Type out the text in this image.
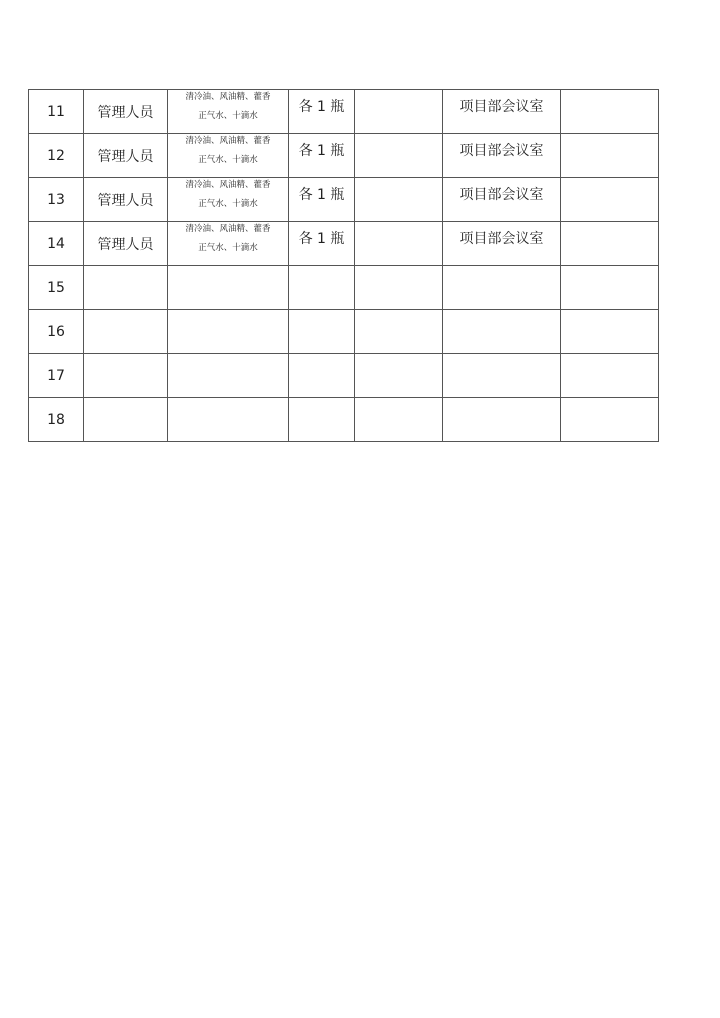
11	管理人员	清冷油、风油精、藿香
正气水、十滴水	各 1 瓶		项目部会议室	
12	管理人员	清冷油、风油精、藿香
正气水、十滴水	各 1 瓶		项目部会议室	
13	管理人员	清冷油、风油精、藿香
正气水、十滴水	各 1 瓶		项目部会议室	
14	管理人员	清冷油、风油精、藿香
正气水、十滴水	各 1 瓶		项目部会议室	
15		

16		

17		

18		
